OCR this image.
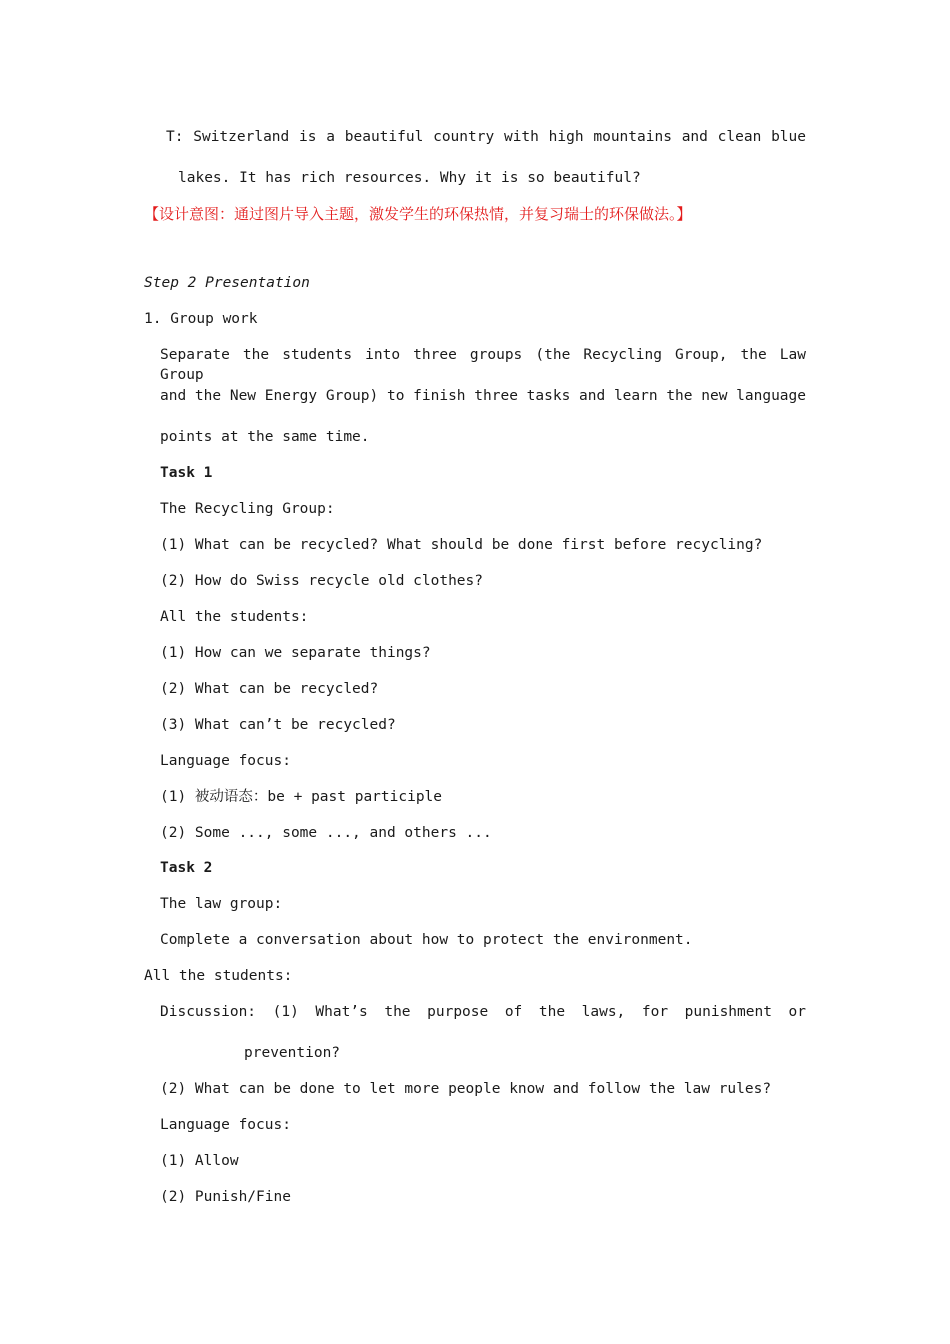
T: Switzerland is a beautiful country with high mountains and clean blue

lakes. It has rich resources. Why it is so beautiful?

【设计意图：通过图片导入主题，激发学生的环保热情，并复习瑞士的环保做法。】

Step 2 Presentation

1. Group work

Separate the students into three groups (the Recycling Group, the Law Group

and the New Energy Group) to finish three tasks and learn the new language

points at the same time.

Task 1

The Recycling Group:

(1) What can be recycled? What should be done first before recycling?

(2) How do Swiss recycle old clothes?

All the students:

(1) How can we separate things?

(2) What can be recycled?

(3) What can’t be recycled?

Language focus:

(1) 被动语态：be + past participle

(2) Some ..., some ..., and others ...

Task 2

The law group:

Complete a conversation about how to protect the environment.

All the students:

Discussion: (1) What’s the purpose of the laws, for punishment or

prevention?

(2) What can be done to let more people know and follow the law rules?

Language focus:

(1) Allow

(2) Punish/Fine
